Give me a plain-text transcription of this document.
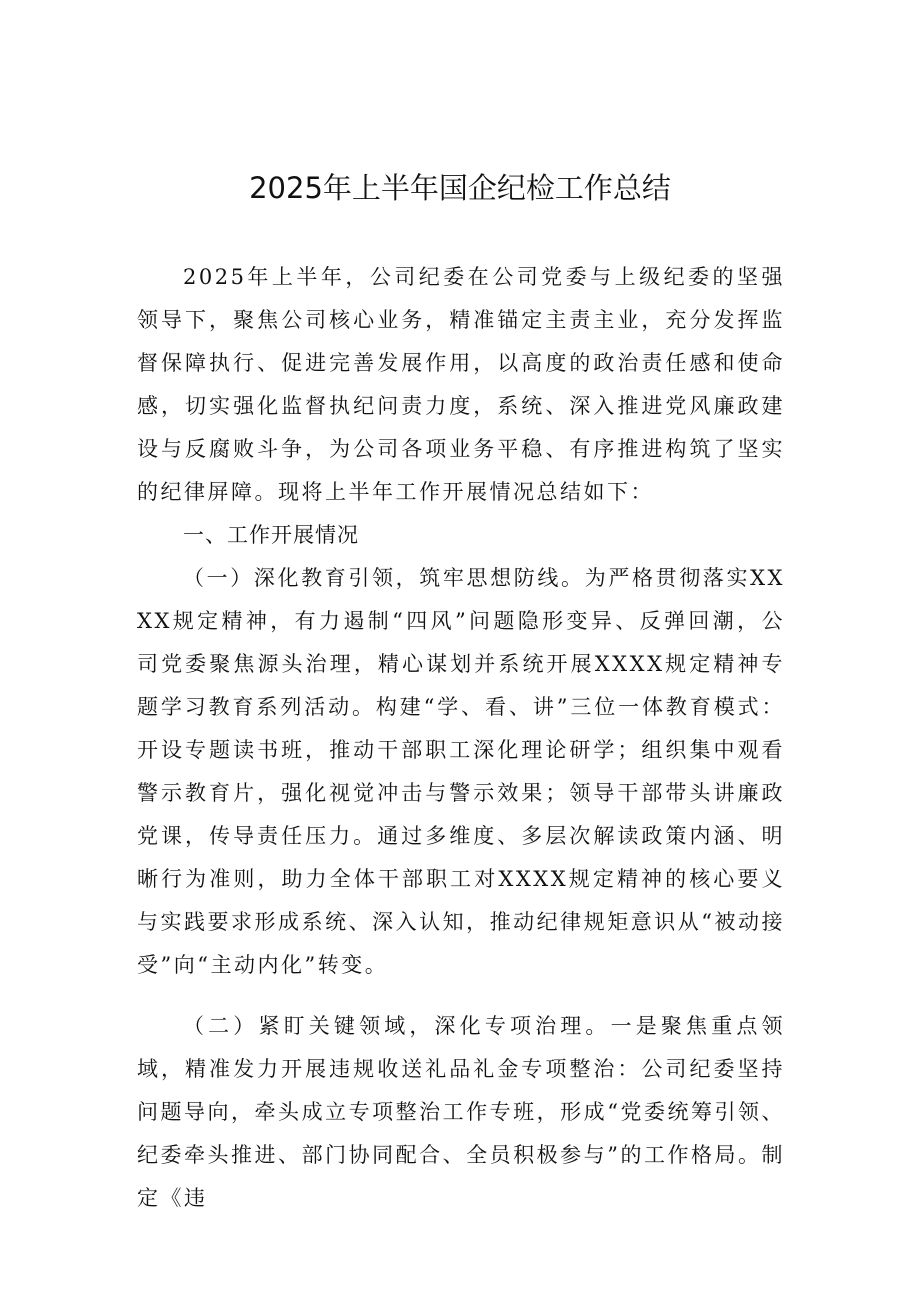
2025年上半年国企纪检工作总结

2025年上半年，公司纪委在公司党委与上级纪委的坚强领导下，聚焦公司核心业务，精准锚定主责主业，充分发挥监督保障执行、促进完善发展作用，以高度的政治责任感和使命感，切实强化监督执纪问责力度，系统、深入推进党风廉政建设与反腐败斗争，为公司各项业务平稳、有序推进构筑了坚实的纪律屏障。现将上半年工作开展情况总结如下：

一、工作开展情况

（一）深化教育引领，筑牢思想防线。为严格贯彻落实XXXX规定精神，有力遏制“四风”问题隐形变异、反弹回潮，公司党委聚焦源头治理，精心谋划并系统开展XXXX规定精神专题学习教育系列活动。构建“学、看、讲”三位一体教育模式：开设专题读书班，推动干部职工深化理论研学；组织集中观看警示教育片，强化视觉冲击与警示效果；领导干部带头讲廉政党课，传导责任压力。通过多维度、多层次解读政策内涵、明晰行为准则，助力全体干部职工对XXXX规定精神的核心要义与实践要求形成系统、深入认知，推动纪律规矩意识从“被动接受”向“主动内化”转变。

（二）紧盯关键领域，深化专项治理。一是聚焦重点领域，精准发力开展违规收送礼品礼金专项整治：公司纪委坚持问题导向，牵头成立专项整治工作专班，形成“党委统筹引领、纪委牵头推进、部门协同配合、全员积极参与”的工作格局。制定《违
